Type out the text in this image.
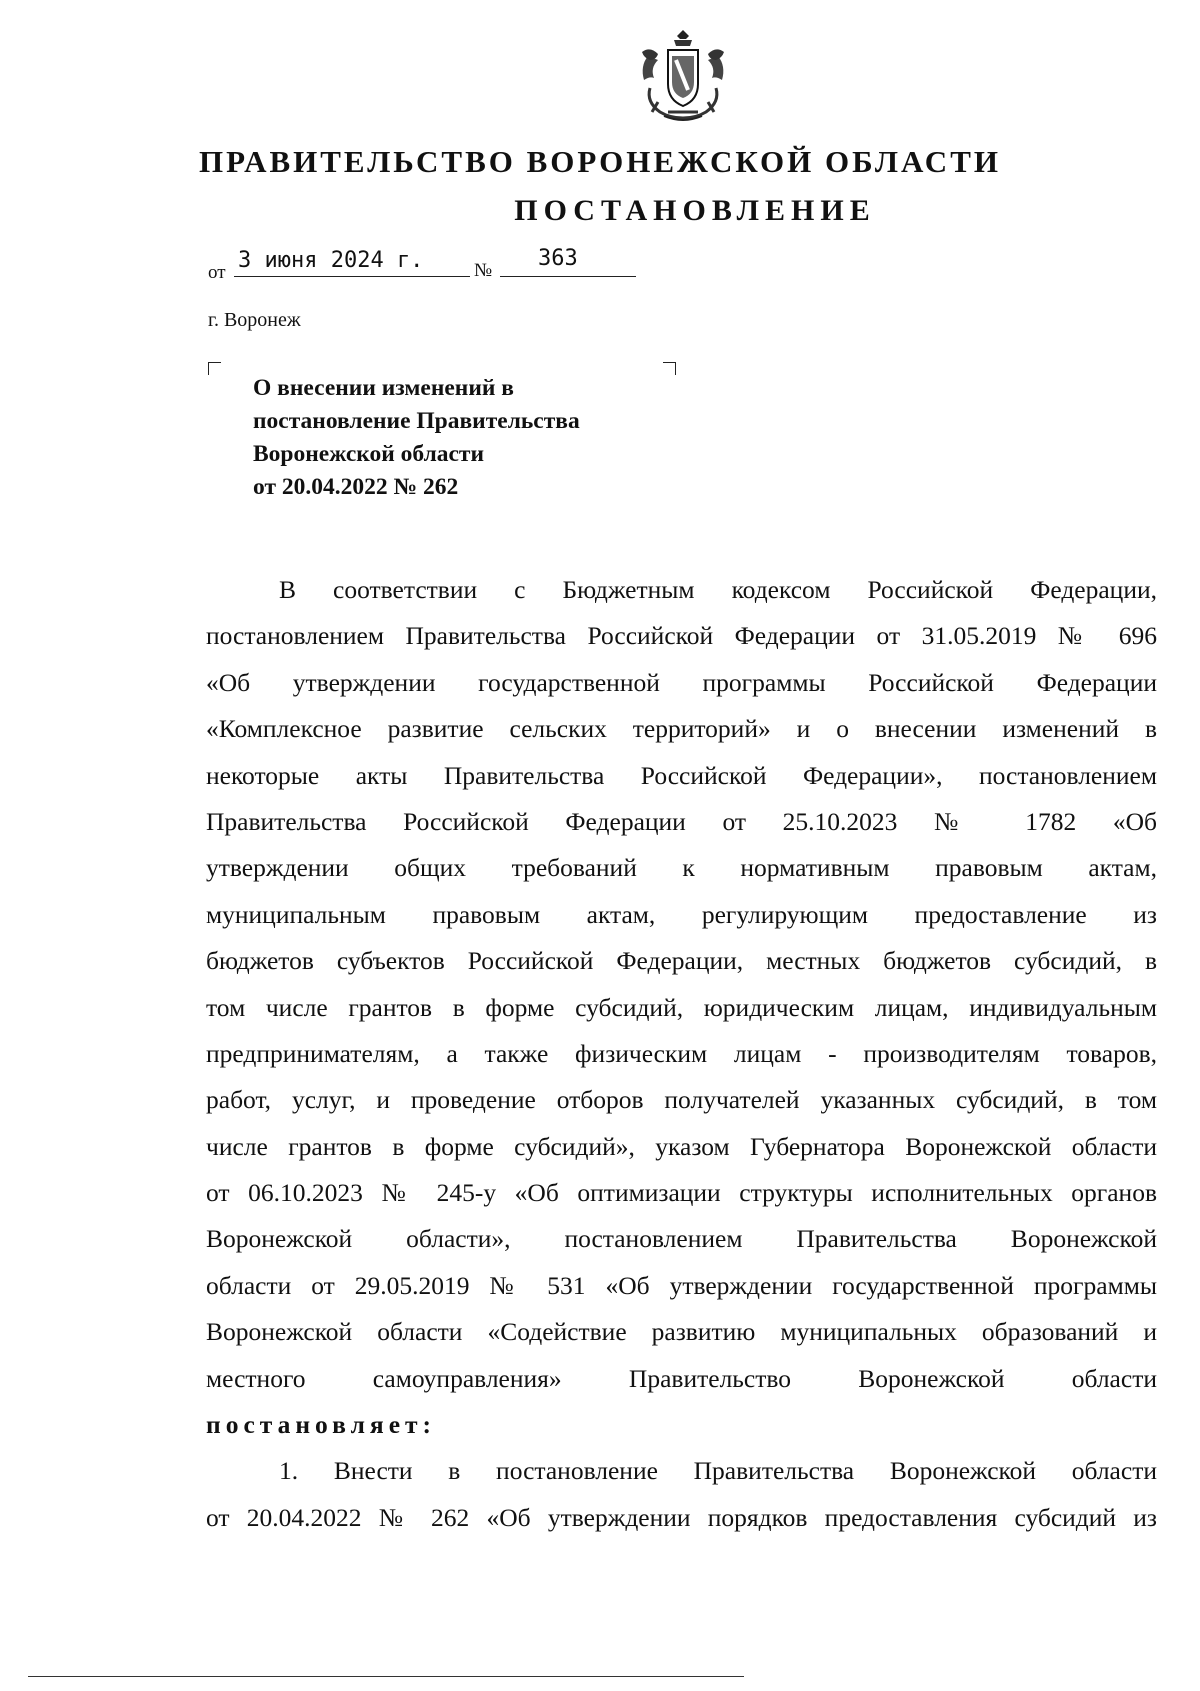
ПРАВИТЕЛЬСТВО ВОРОНЕЖСКОЙ ОБЛАСТИ
ПОСТАНОВЛЕНИЕ
от 3 июня 2024 г.	№ 363
г. Воронеж
О внесении изменений в
постановление Правительства
Воронежской области
от 20.04.2022 № 262
В соответствии с Бюджетным кодексом Российской Федерации,
постановлением Правительства Российской Федерации от 31.05.2019 № 696
«Об утверждении государственной программы Российской Федерации
«Комплексное развитие сельских территорий» и о внесении изменений в
некоторые акты Правительства Российской Федерации», постановлением
Правительства Российской Федерации от 25.10.2023 № 1782 «Об
утверждении общих требований к нормативным правовым актам,
муниципальным правовым актам, регулирующим предоставление из
бюджетов субъектов Российской Федерации, местных бюджетов субсидий, в
том числе грантов в форме субсидий, юридическим лицам, индивидуальным
предпринимателям, а также физическим лицам - производителям товаров,
работ, услуг, и проведение отборов получателей указанных субсидий, в том
числе грантов в форме субсидий», указом Губернатора Воронежской области
от 06.10.2023 № 245-у «Об оптимизации структуры исполнительных органов
Воронежской области», постановлением Правительства Воронежской
области от 29.05.2019 № 531 «Об утверждении государственной программы
Воронежской области «Содействие развитию муниципальных образований и
местного самоуправления» Правительство Воронежской области
постановляет:
1. Внести в постановление Правительства Воронежской области
от 20.04.2022 № 262 «Об утверждении порядков предоставления субсидий из
